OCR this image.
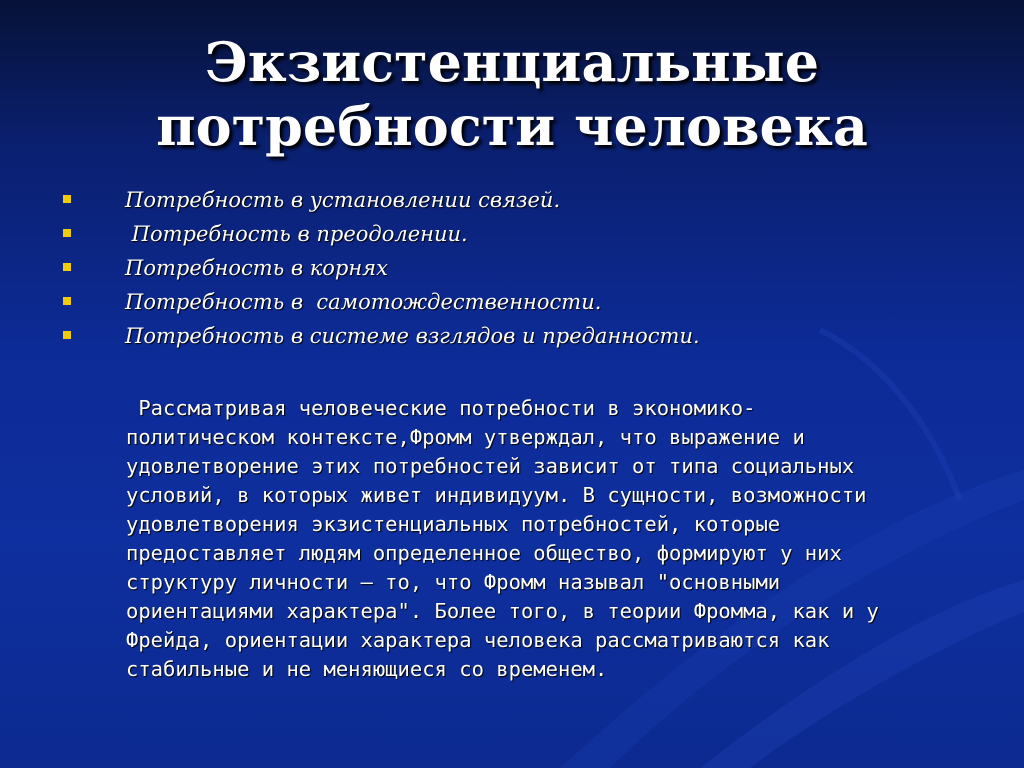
Экзистенциальные
потребности человека
Потребность в установлении связей.
Потребность в преодолении.
Потребность в корнях
Потребность в  самотождественности.
Потребность в системе взглядов и преданности.
Рассматривая человеческие потребности в экономико-
политическом контексте,Фромм утверждал, что выражение и
удовлетворение этих потребностей зависит от типа социальных
условий, в которых живет индивидуум. В сущности, возможности
удовлетворения экзистенциальных потребностей, которые
предоставляет людям определенное общество, формируют у них
структуру личности – то, что Фромм называл "основными
ориентациями характера". Более того, в теории Фромма, как и у
Фрейда, ориентации характера человека рассматриваются как
стабильные и не меняющиеся со временем.
